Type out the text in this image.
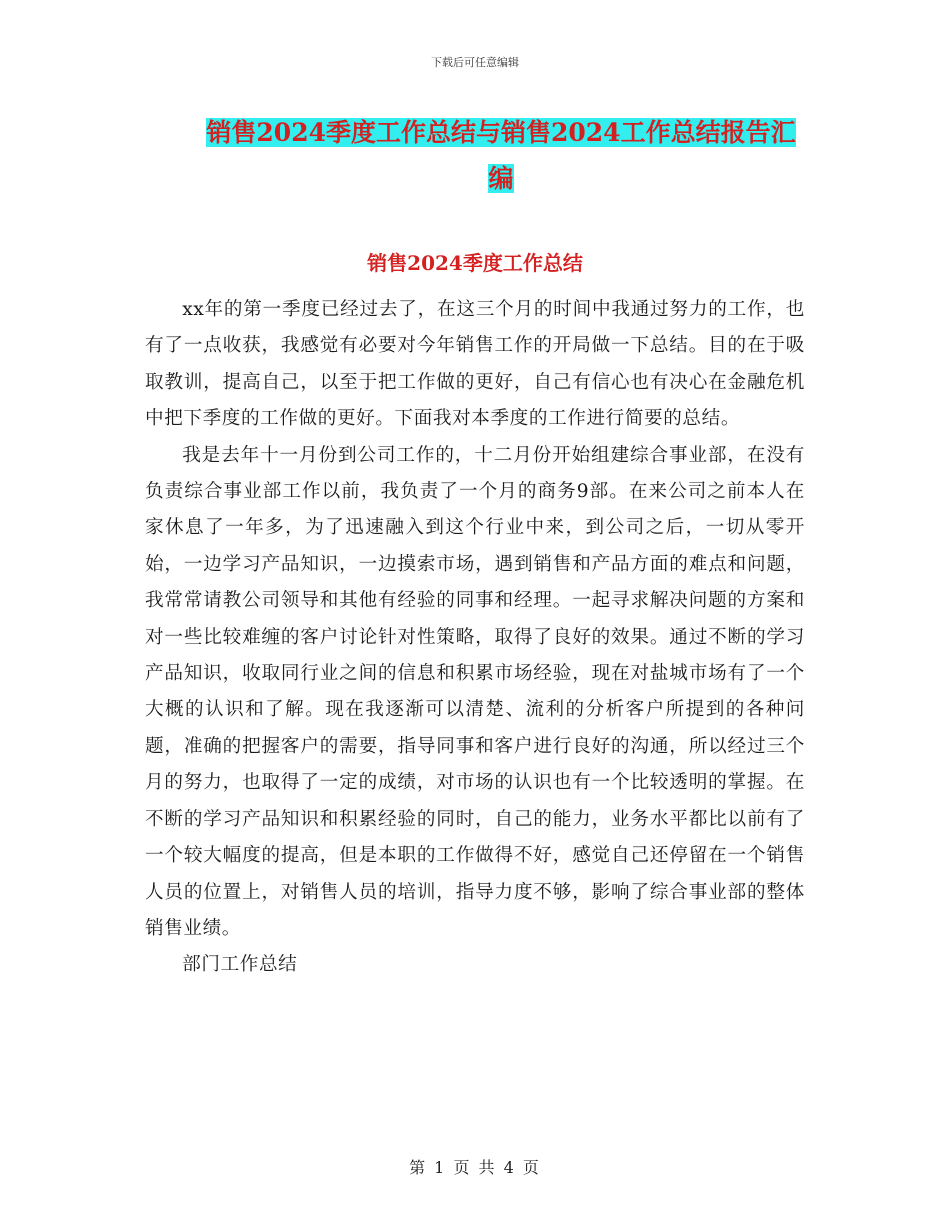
下载后可任意编辑
销售2024季度工作总结与销售2024工作总结报告汇编
销售2024季度工作总结

xx年的第一季度已经过去了，在这三个月的时间中我通过努力的工作，也有了一点收获，我感觉有必要对今年销售工作的开局做一下总结。目的在于吸取教训，提高自己，以至于把工作做的更好，自己有信心也有决心在金融危机中把下季度的工作做的更好。下面我对本季度的工作进行简要的总结。

我是去年十一月份到公司工作的，十二月份开始组建综合事业部，在没有负责综合事业部工作以前，我负责了一个月的商务9部。在来公司之前本人在家休息了一年多，为了迅速融入到这个行业中来，到公司之后，一切从零开始，一边学习产品知识，一边摸索市场，遇到销售和产品方面的难点和问题，我常常请教公司领导和其他有经验的同事和经理。一起寻求解决问题的方案和对一些比较难缠的客户讨论针对性策略，取得了良好的效果。通过不断的学习产品知识，收取同行业之间的信息和积累市场经验，现在对盐城市场有了一个大概的认识和了解。现在我逐渐可以清楚、流利的分析客户所提到的各种问题，准确的把握客户的需要，指导同事和客户进行良好的沟通，所以经过三个月的努力，也取得了一定的成绩，对市场的认识也有一个比较透明的掌握。在不断的学习产品知识和积累经验的同时，自己的能力，业务水平都比以前有了一个较大幅度的提高，但是本职的工作做得不好，感觉自己还停留在一个销售人员的位置上，对销售人员的培训，指导力度不够，影响了综合事业部的整体销售业绩。

部门工作总结

第 1 页 共 4 页
